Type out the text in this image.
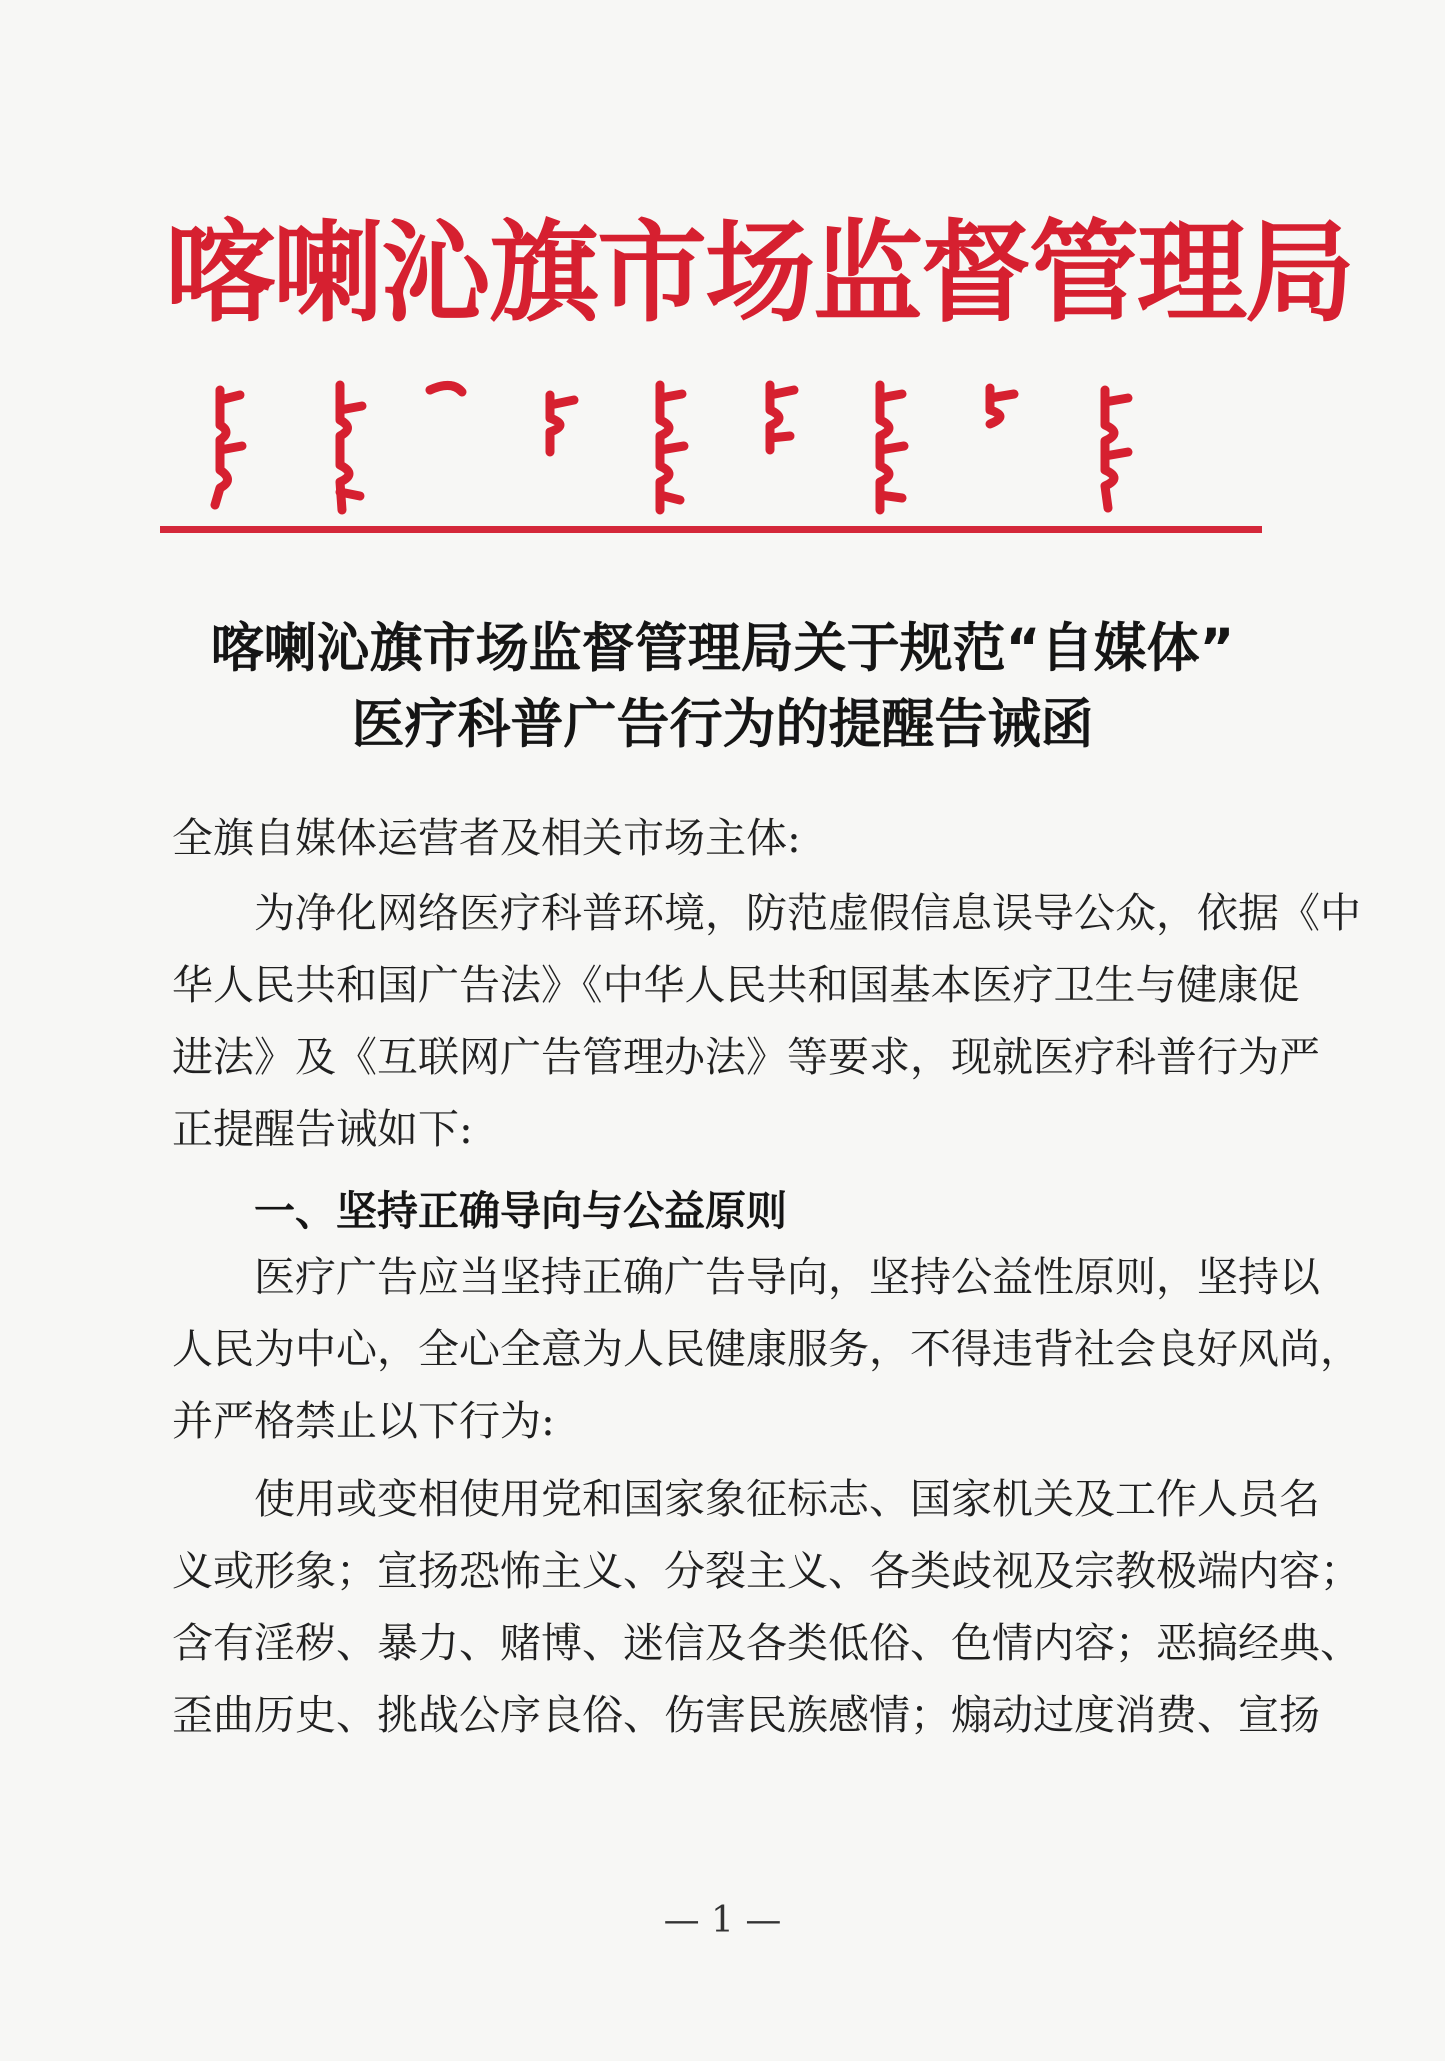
喀喇沁旗市场监督管理局
喀喇沁旗市场监督管理局关于规范“自媒体”
医疗科普广告行为的提醒告诫函
全旗自媒体运营者及相关市场主体:
为净化网络医疗科普环境，防范虚假信息误导公众，依据《中
华人民共和国广告法》《中华人民共和国基本医疗卫生与健康促
进法》及《互联网广告管理办法》等要求，现就医疗科普行为严
正提醒告诫如下:
一、坚持正确导向与公益原则
医疗广告应当坚持正确广告导向，坚持公益性原则，坚持以
人民为中心，全心全意为人民健康服务，不得违背社会良好风尚，
并严格禁止以下行为:
使用或变相使用党和国家象征标志、国家机关及工作人员名
义或形象；宣扬恐怖主义、分裂主义、各类歧视及宗教极端内容；
含有淫秽、暴力、赌博、迷信及各类低俗、色情内容；恶搞经典、
歪曲历史、挑战公序良俗、伤害民族感情；煽动过度消费、宣扬
— 1 —
